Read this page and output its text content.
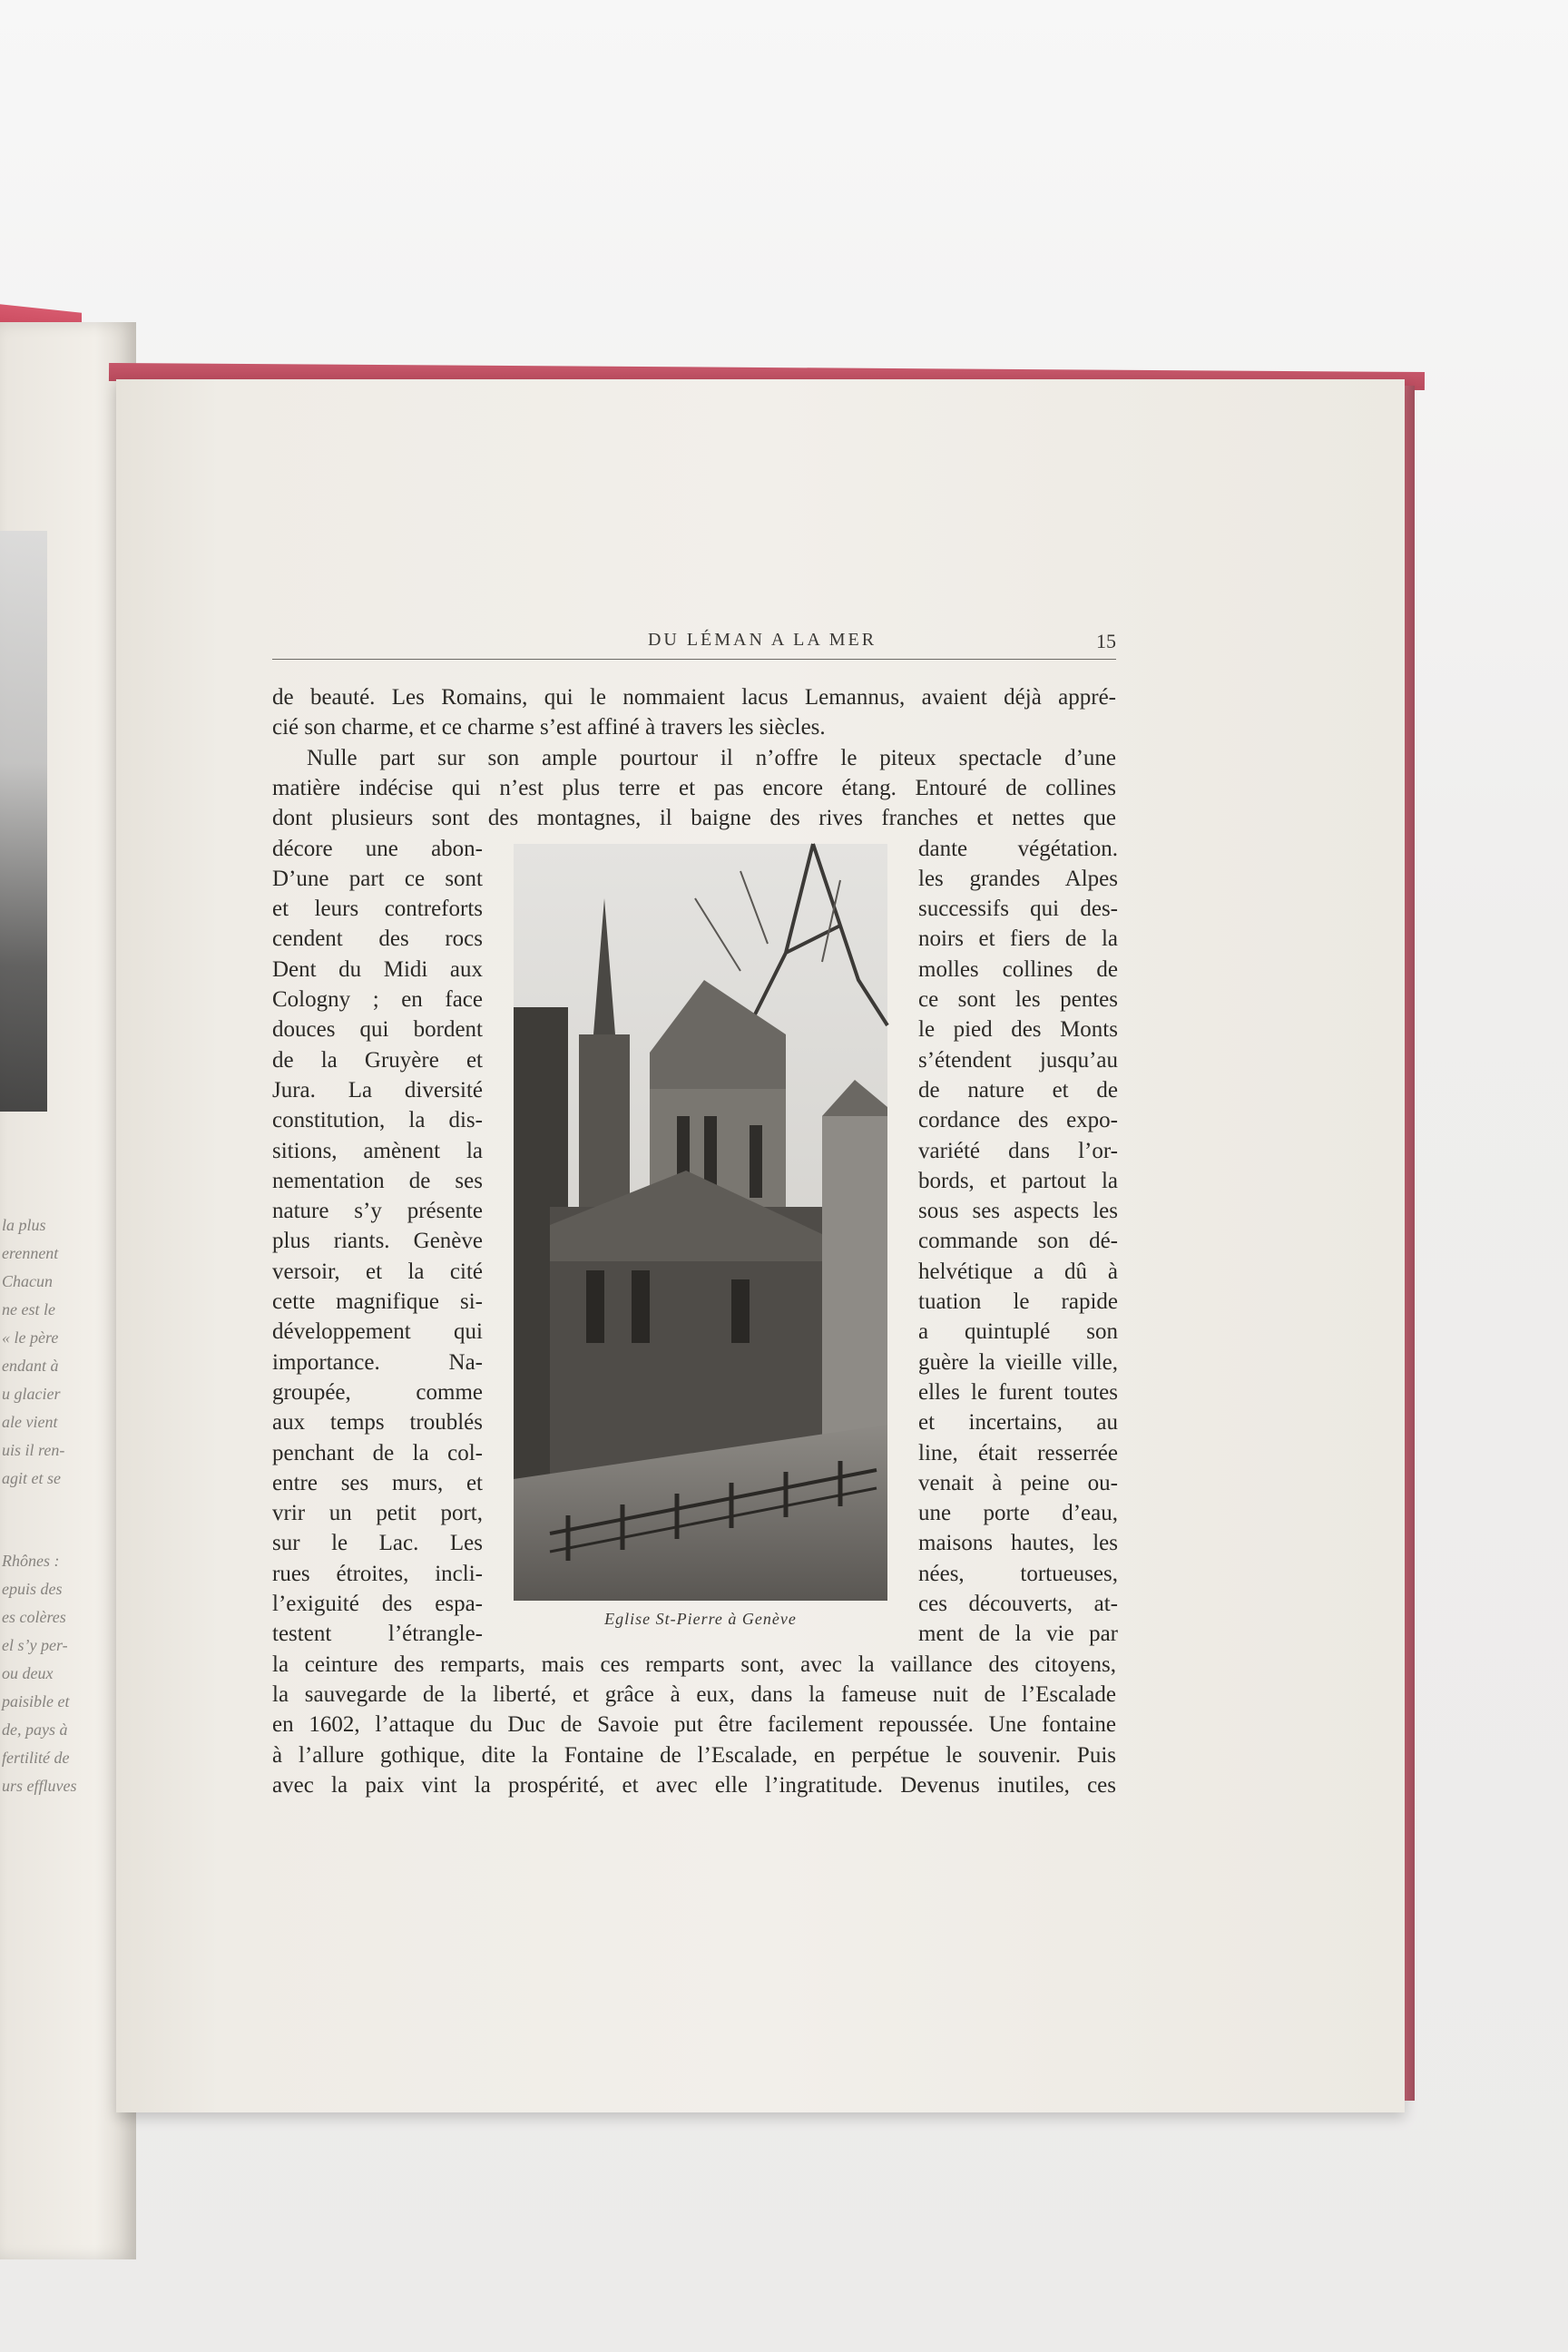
la plus
erennent
Chacun
ne est le
« le père
endant à
u glacier
ale vient
uis il ren-
agit et se
Rhônes :
epuis des
es colères
el s’y per-
ou deux
paisible et
de, pays à
fertilité de
urs effluves
DU LÉMAN A LA MER	15

de beauté. Les Romains, qui le nommaient lacus Lemannus, avaient déjà appré-

cié son charme, et ce charme s’est affiné à travers les siècles.

Nulle part sur son ample pourtour il n’offre le piteux spectacle d’une

matière indécise qui n’est plus terre et pas encore étang. Entouré de collines

dont plusieurs sont des montagnes, il baigne des rives franches et nettes que

décore une abon-

D’une part ce sont

et leurs contreforts

cendent des rocs

Dent du Midi aux

Cologny ; en face

douces qui bordent

de la Gruyère et

Jura. La diversité

constitution, la dis-

sitions, amènent la

nementation de ses

nature s’y présente

plus riants. Genève

versoir, et la cité

cette magnifique si-

développement qui

importance. Na-

groupée, comme

aux temps troublés

penchant de la col-

entre ses murs, et

vrir un petit port,

sur le Lac. Les

rues étroites, incli-

l’exiguité des espa-

testent l’étrangle-

dante végétation.

les grandes Alpes

successifs qui des-

noirs et fiers de la

molles collines de

ce sont les pentes

le pied des Monts

s’étendent jusqu’au

de nature et de

cordance des expo-

variété dans l’or-

bords, et partout la

sous ses aspects les

commande son dé-

helvétique a dû à

tuation le rapide

a quintuplé son

guère la vieille ville,

elles le furent toutes

et incertains, au

line, était resserrée

venait à peine ou-

une porte d’eau,

maisons hautes, les

nées, tortueuses,

ces découverts, at-

ment de la vie par

la ceinture des remparts, mais ces remparts sont, avec la vaillance des citoyens,

la sauvegarde de la liberté, et grâce à eux, dans la fameuse nuit de l’Escalade

en 1602, l’attaque du Duc de Savoie put être facilement repoussée. Une fontaine

à l’allure gothique, dite la Fontaine de l’Escalade, en perpétue le souvenir. Puis

avec la paix vint la prospérité, et avec elle l’ingratitude. Devenus inutiles, ces

Eglise St-Pierre à Genève
